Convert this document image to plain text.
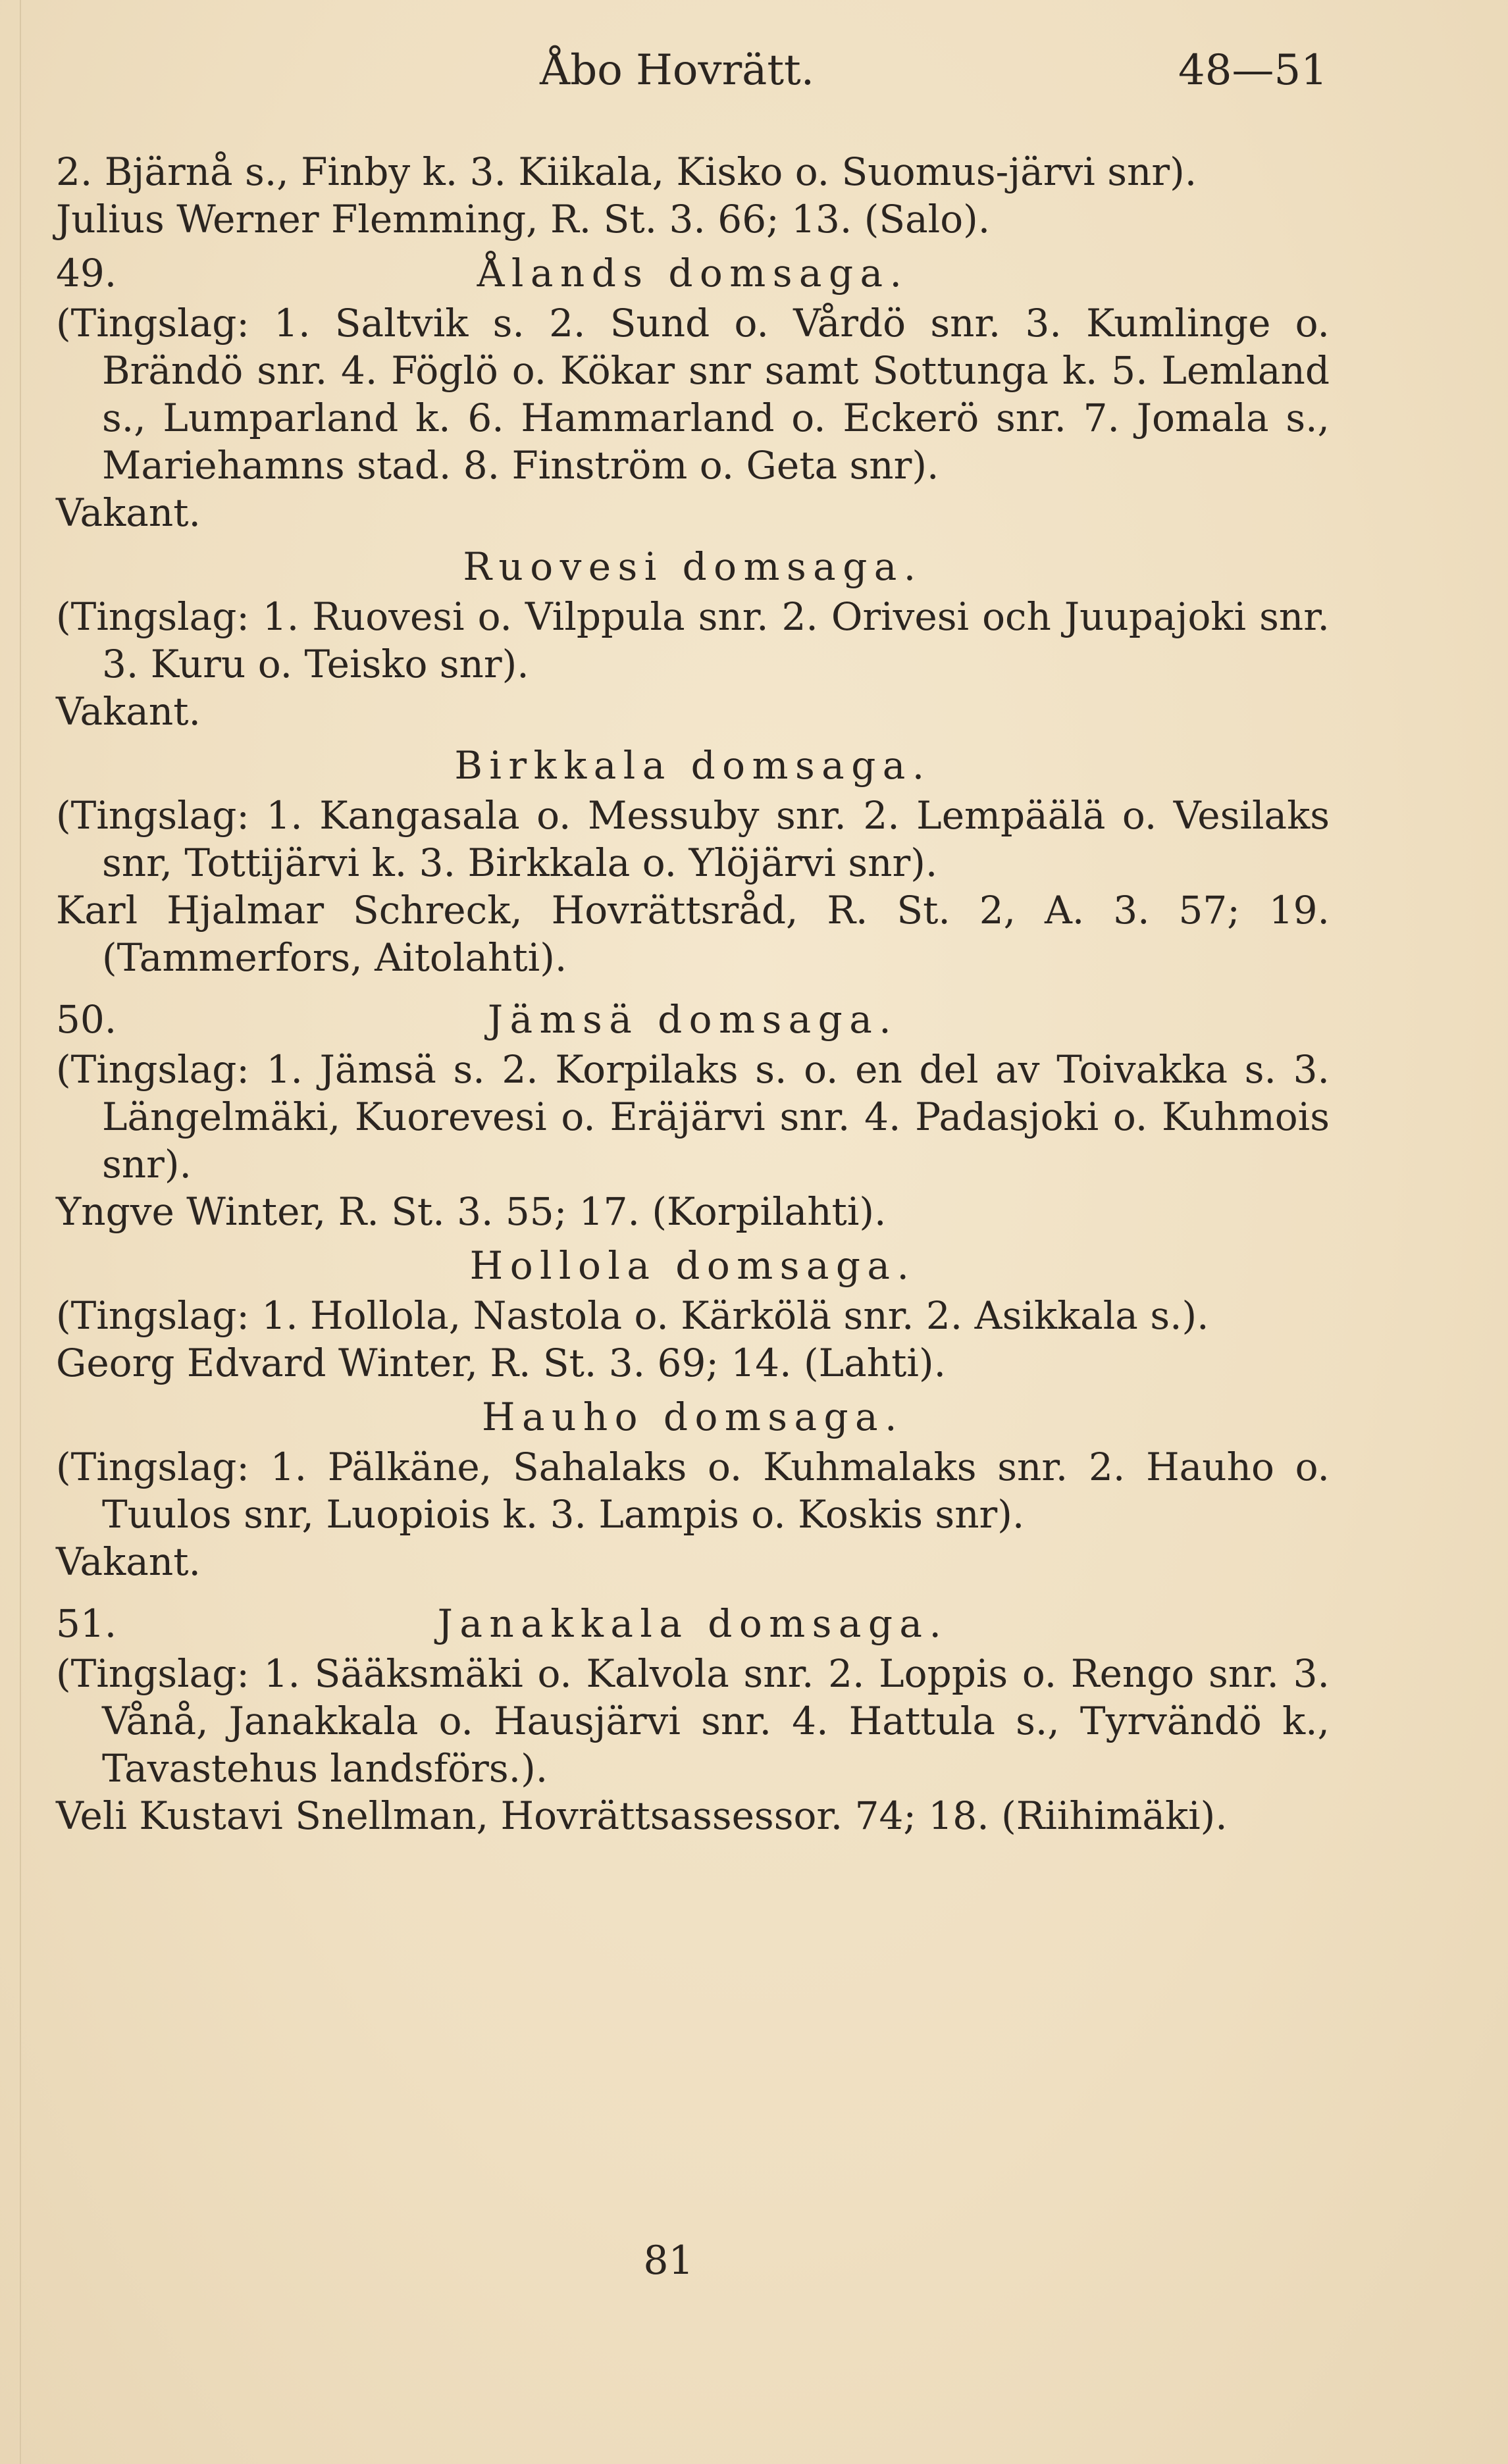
Åbo Hovrätt.	48—51

2. Bjärnå s., Finby k. 3. Kiikala, Kisko o. Suomus-järvi snr).

Julius Werner Flemming, R. St. 3. 66; 13. (Salo).

49.	Ålands domsaga.

(Tingslag: 1. Saltvik s. 2. Sund o. Vårdö snr. 3. Kumlinge o. Brändö snr. 4. Föglö o. Kökar snr samt Sottunga k. 5. Lemland s., Lumparland k. 6. Hammarland o. Eckerö snr. 7. Jomala s., Mariehamns stad. 8. Finström o. Geta snr).

Vakant.

Ruovesi domsaga.

(Tingslag: 1. Ruovesi o. Vilppula snr. 2. Orivesi och Juupajoki snr. 3. Kuru o. Teisko snr).

Vakant.

Birkkala domsaga.

(Tingslag: 1. Kangasala o. Messuby snr. 2. Lempäälä o. Vesilaks snr, Tottijärvi k. 3. Birkkala o. Ylöjärvi snr).

Karl Hjalmar Schreck, Hovrättsråd, R. St. 2, A. 3. 57; 19. (Tammerfors, Aitolahti).

50.	Jämsä domsaga.

(Tingslag: 1. Jämsä s. 2. Korpilaks s. o. en del av Toivakka s. 3. Längelmäki, Kuorevesi o. Eräjärvi snr. 4. Padasjoki o. Kuhmois snr).

Yngve Winter, R. St. 3. 55; 17. (Korpilahti).

Hollola domsaga.

(Tingslag: 1. Hollola, Nastola o. Kärkölä snr. 2. Asikkala s.).

Georg Edvard Winter, R. St. 3. 69; 14. (Lahti).

Hauho domsaga.

(Tingslag: 1. Pälkäne, Sahalaks o. Kuhmalaks snr. 2. Hauho o. Tuulos snr, Luopiois k. 3. Lampis o. Koskis snr).

Vakant.

51.	Janakkala domsaga.

(Tingslag: 1. Sääksmäki o. Kalvola snr. 2. Loppis o. Rengo snr. 3. Vånå, Janakkala o. Hausjärvi snr. 4. Hattula s., Tyrvändö k., Tavastehus landsförs.).

Veli Kustavi Snellman, Hovrättsassessor. 74; 18. (Riihimäki).

81
